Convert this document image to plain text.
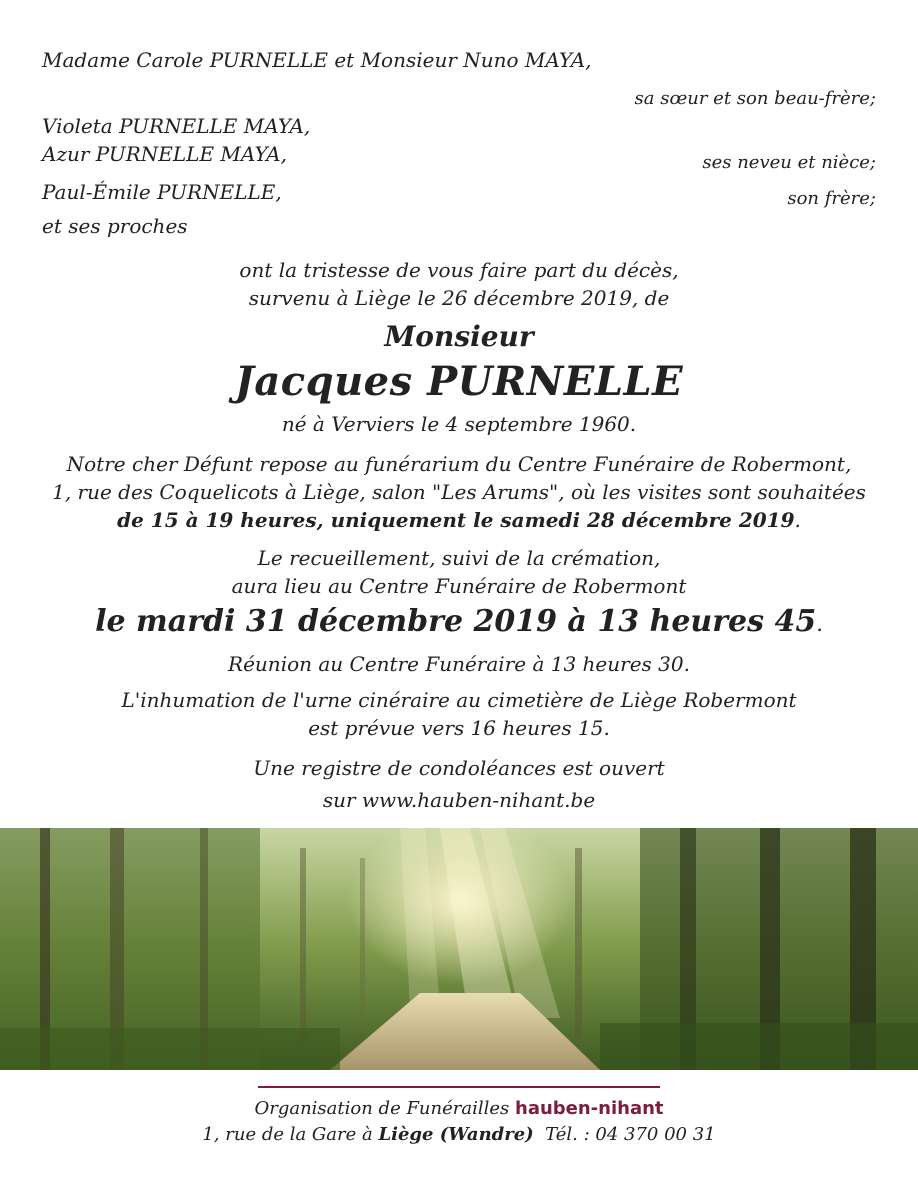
Madame Carole PURNELLE et Monsieur Nuno MAYA,
sa sœur et son beau-frère;
Violeta PURNELLE MAYA,
Azur PURNELLE MAYA,	ses neveu et nièce;
Paul-Émile PURNELLE,	son frère;
et ses proches
ont la tristesse de vous faire part du décès,
survenu à Liège le 26 décembre 2019, de
Monsieur
Jacques PURNELLE
né à Verviers le 4 septembre 1960.
Notre cher Défunt repose au funérarium du Centre Funéraire de Robermont,
1, rue des Coquelicots à Liège, salon "Les Arums", où les visites sont souhaitées
de 15 à 19 heures, uniquement le samedi 28 décembre 2019.
Le recueillement, suivi de la crémation,
aura lieu au Centre Funéraire de Robermont
le mardi 31 décembre 2019 à 13 heures 45.
Réunion au Centre Funéraire à 13 heures 30.
L'inhumation de l'urne cinéraire au cimetière de Liège Robermont
est prévue vers 16 heures 15.
Une registre de condoléances est ouvert
sur www.hauben-nihant.be
Organisation de Funérailles hauben-nihant
1, rue de la Gare à Liège (Wandre) Tél. : 04 370 00 31
